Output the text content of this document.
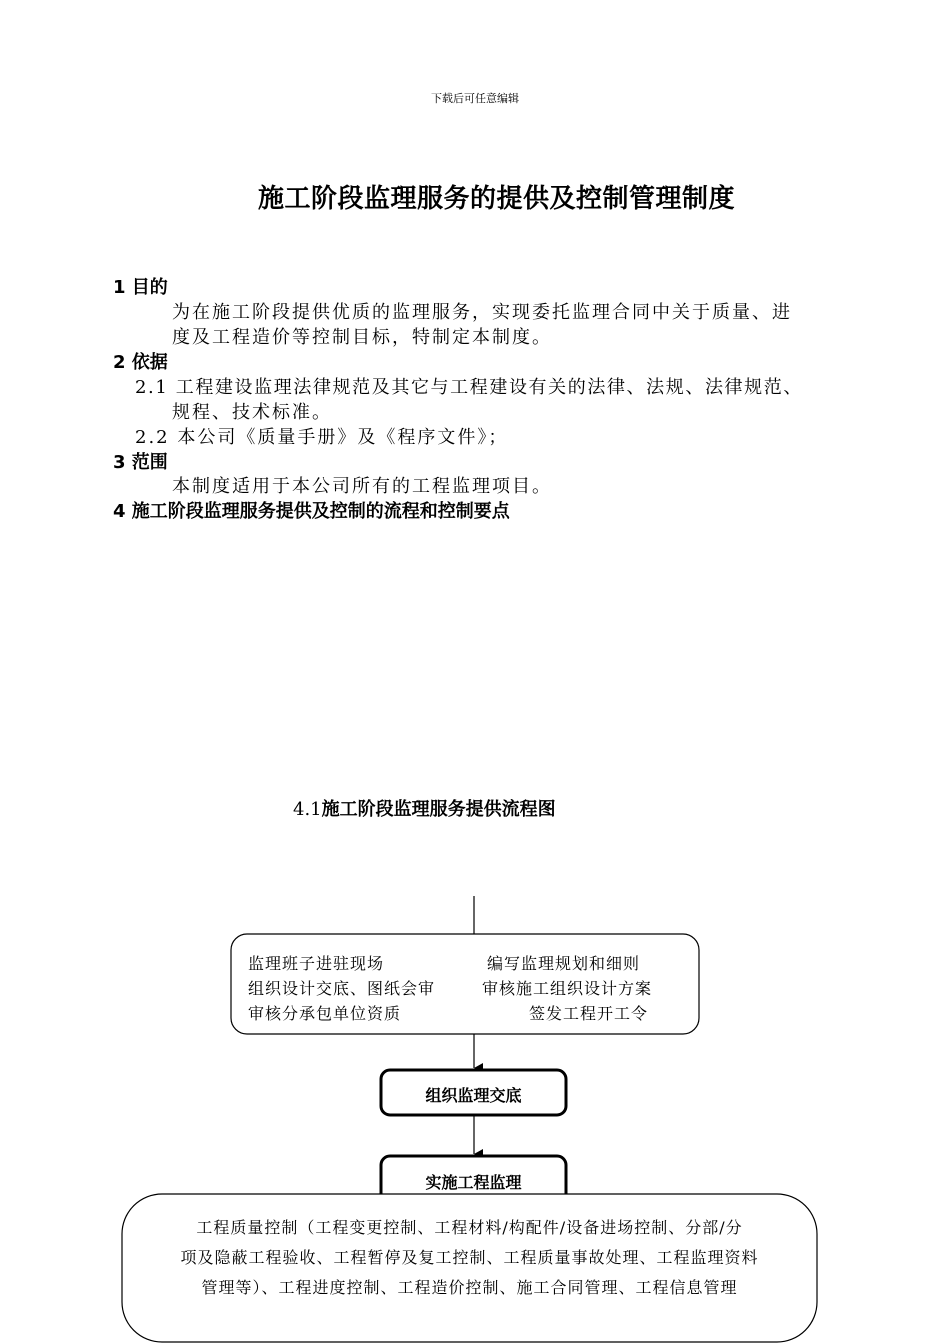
下载后可任意编辑
施工阶段监理服务的提供及控制管理制度
1 目的
为在施工阶段提供优质的监理服务，实现委托监理合同中关于质量、进
度及工程造价等控制目标，特制定本制度。
2 依据
2.1 工程建设监理法律规范及其它与工程建设有关的法律、法规、法律规范、
规程、技术标准。
2.2 本公司《质量手册》及《程序文件》；
3 范围
本制度适用于本公司所有的工程监理项目。
4 施工阶段监理服务提供及控制的流程和控制要点
4.1施工阶段监理服务提供流程图
监理班子进驻现场
组织设计交底、图纸会审
审核分承包单位资质
编写监理规划和细则
审核施工组织设计方案
签发工程开工令
组织监理交底
实施工程监理
工程质量控制（工程变更控制、工程材料/构配件/设备进场控制、分部/分
项及隐蔽工程验收、工程暂停及复工控制、工程质量事故处理、工程监理资料
管理等）、工程进度控制、工程造价控制、施工合同管理、工程信息管理
